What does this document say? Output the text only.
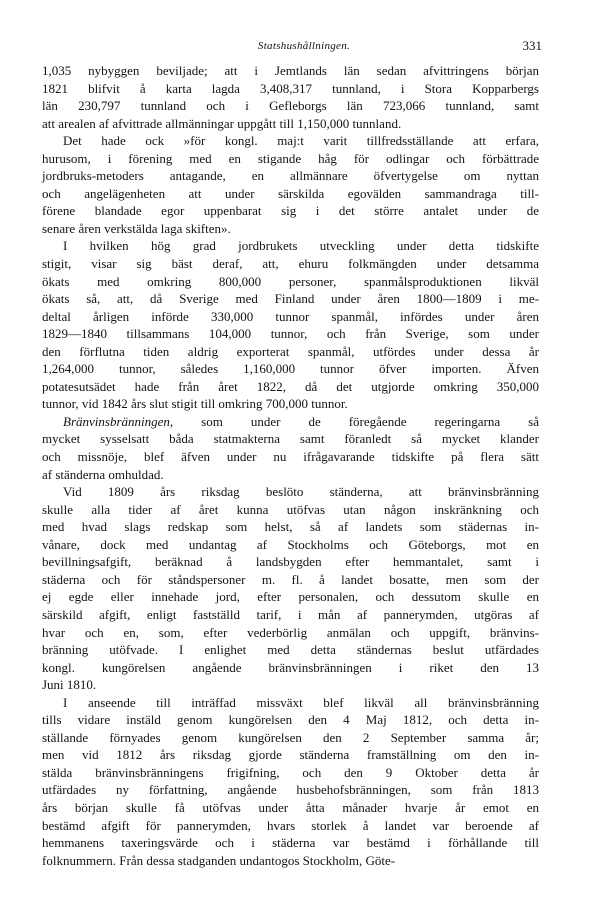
Statshushållningen.	331
1,035 nybyggen beviljade; att i Jemtlands län sedan afvittringens början
1821 blifvit å karta lagda 3,408,317 tunnland, i Stora Kopparbergs
län 230,797 tunnland och i Gefleborgs län 723,066 tunnland, samt
att arealen af afvittrade allmänningar uppgått till 1,150,000 tunnland.
Det hade ock »för kongl. maj:t varit tillfredsställande att erfara,
hurusom, i förening med en stigande håg för odlingar och förbättrade
jordbruks-metoders antagande, en allmännare öfvertygelse om nyttan
och angelägenheten att under särskilda egovälden sammandraga till-
förene blandade egor uppenbarat sig i det större antalet under de
senare åren verkstälda laga skiften».
I hvilken hög grad jordbrukets utveckling under detta tidskifte
stigit, visar sig bäst deraf, att, ehuru folkmängden under detsamma
ökats med omkring 800,000 personer, spanmålsproduktionen likväl
ökats så, att, då Sverige med Finland under åren 1800—1809 i me-
deltal årligen införde 330,000 tunnor spanmål, infördes under åren
1829—1840 tillsammans 104,000 tunnor, och från Sverige, som under
den förflutna tiden aldrig exporterat spanmål, utfördes under dessa år
1,264,000 tunnor, således 1,160,000 tunnor öfver importen. Äfven
potatesutsädet hade från året 1822, då det utgjorde omkring 350,000
tunnor, vid 1842 års slut stigit till omkring 700,000 tunnor.
Bränvinsbränningen, som under de föregående regeringarna så
mycket sysselsatt båda statmakterna samt föranledt så mycket klander
och missnöje, blef äfven under nu ifrågavarande tidskifte på flera sätt
af ständerna omhuldad.
Vid 1809 års riksdag beslöto ständerna, att bränvinsbränning
skulle alla tider af året kunna utöfvas utan någon inskränkning och
med hvad slags redskap som helst, så af landets som städernas in-
vånare, dock med undantag af Stockholms och Göteborgs, mot en
bevillningsafgift, beräknad å landsbygden efter hemmantalet, samt i
städerna och för ståndspersoner m. fl. å landet bosatte, men som der
ej egde eller innehade jord, efter personalen, och dessutom skulle en
särskild afgift, enligt fastställd tarif, i mån af pannerymden, utgöras af
hvar och en, som, efter vederbörlig anmälan och uppgift, bränvins-
bränning utöfvade. I enlighet med detta ständernas beslut utfärdades
kongl. kungörelsen angående bränvinsbränningen i riket den 13
Juni 1810.
I anseende till inträffad missväxt blef likväl all bränvinsbränning
tills vidare instäld genom kungörelsen den 4 Maj 1812, och detta in-
ställande förnyades genom kungörelsen den 2 September samma år;
men vid 1812 års riksdag gjorde ständerna framställning om den in-
stälda bränvinsbränningens frigifning, och den 9 Oktober detta år
utfärdades ny författning, angående husbehofsbränningen, som från 1813
års början skulle få utöfvas under åtta månader hvarje år emot en
bestämd afgift för pannerymden, hvars storlek å landet var beroende af
hemmanens taxeringsvärde och i städerna var bestämd i förhållande till
folknummern. Från dessa stadganden undantogos Stockholm, Göte-
